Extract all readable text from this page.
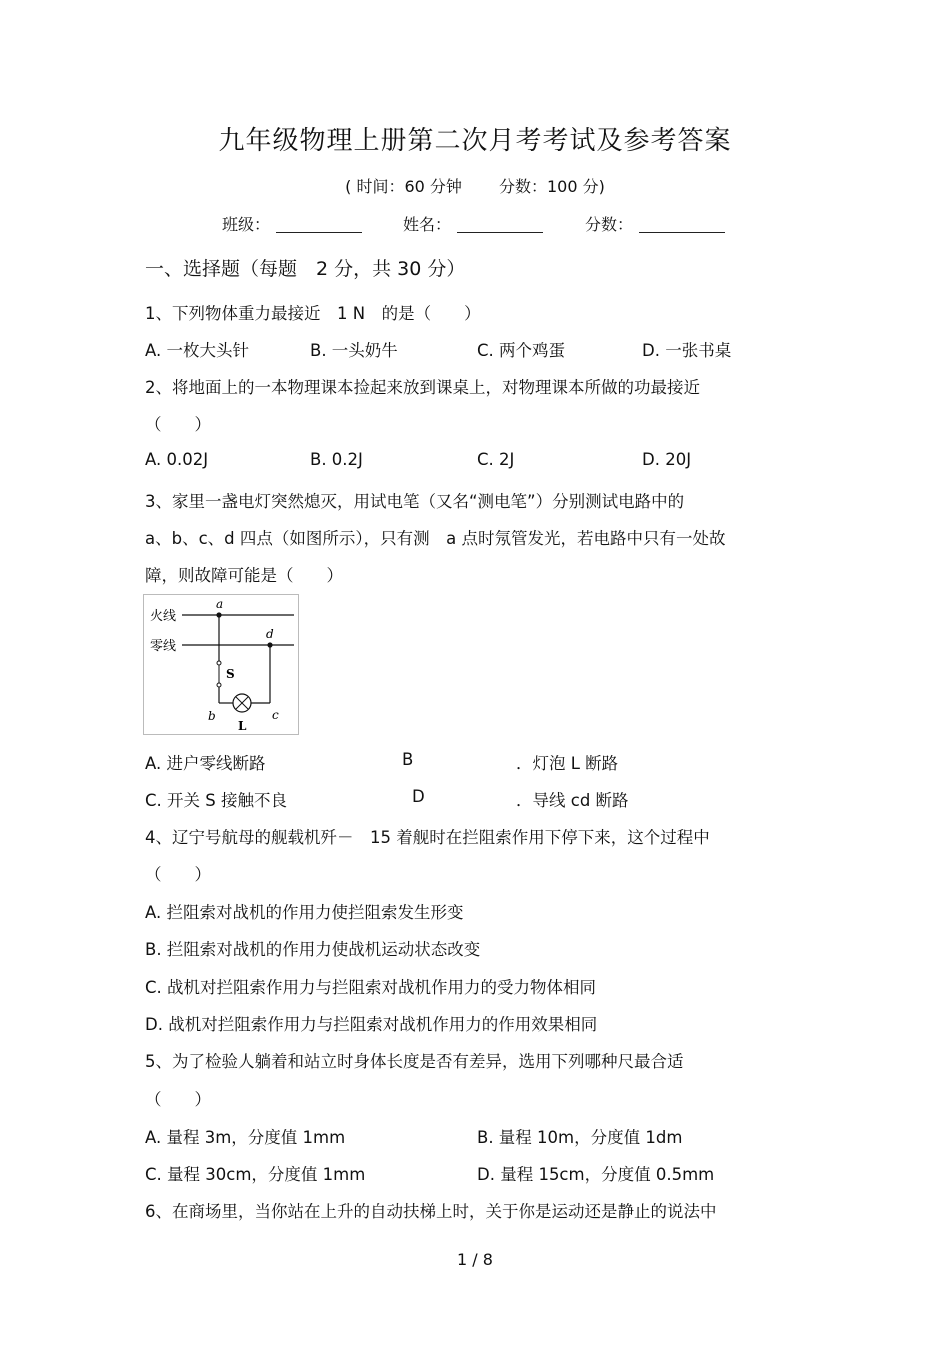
九年级物理上册第二次月考考试及参考答案
( 时间：60 分钟 分数：100 分)
班级：	姓名：	分数：
一、选择题（每题　2 分，共 30 分）
1、下列物体重力最接近　1 N　的是（　　）
A. 一枚大头针	B. 一头奶牛	C. 两个鸡蛋	D. 一张书桌
2、将地面上的一本物理课本捡起来放到课桌上，对物理课本所做的功最接近
（　　）
A. 0.02J	B. 0.2J	C. 2J	D. 20J
3、家里一盏电灯突然熄灭，用试电笔（又名“测电笔”）分别测试电路中的
a、b、c、d 四点（如图所示），只有测　a 点时氖管发光，若电路中只有一处故
障，则故障可能是（　　）
火线
零线
a
d
S
b	c
L
A. 进户零线断路	B	．灯泡 L 断路
C. 开关 S 接触不良	D	．导线 cd 断路
4、辽宁号航母的舰载机歼－　15 着舰时在拦阻索作用下停下来，这个过程中
（　　）
A. 拦阻索对战机的作用力使拦阻索发生形变
B. 拦阻索对战机的作用力使战机运动状态改变
C. 战机对拦阻索作用力与拦阻索对战机作用力的受力物体相同
D. 战机对拦阻索作用力与拦阻索对战机作用力的作用效果相同
5、为了检验人躺着和站立时身体长度是否有差异，选用下列哪种尺最合适
（　　）
A. 量程 3m，分度值 1mm	B. 量程 10m，分度值 1dm
C. 量程 30cm，分度值 1mm	D. 量程 15cm，分度值 0.5mm
6、在商场里，当你站在上升的自动扶梯上时，关于你是运动还是静止的说法中
1 / 8
